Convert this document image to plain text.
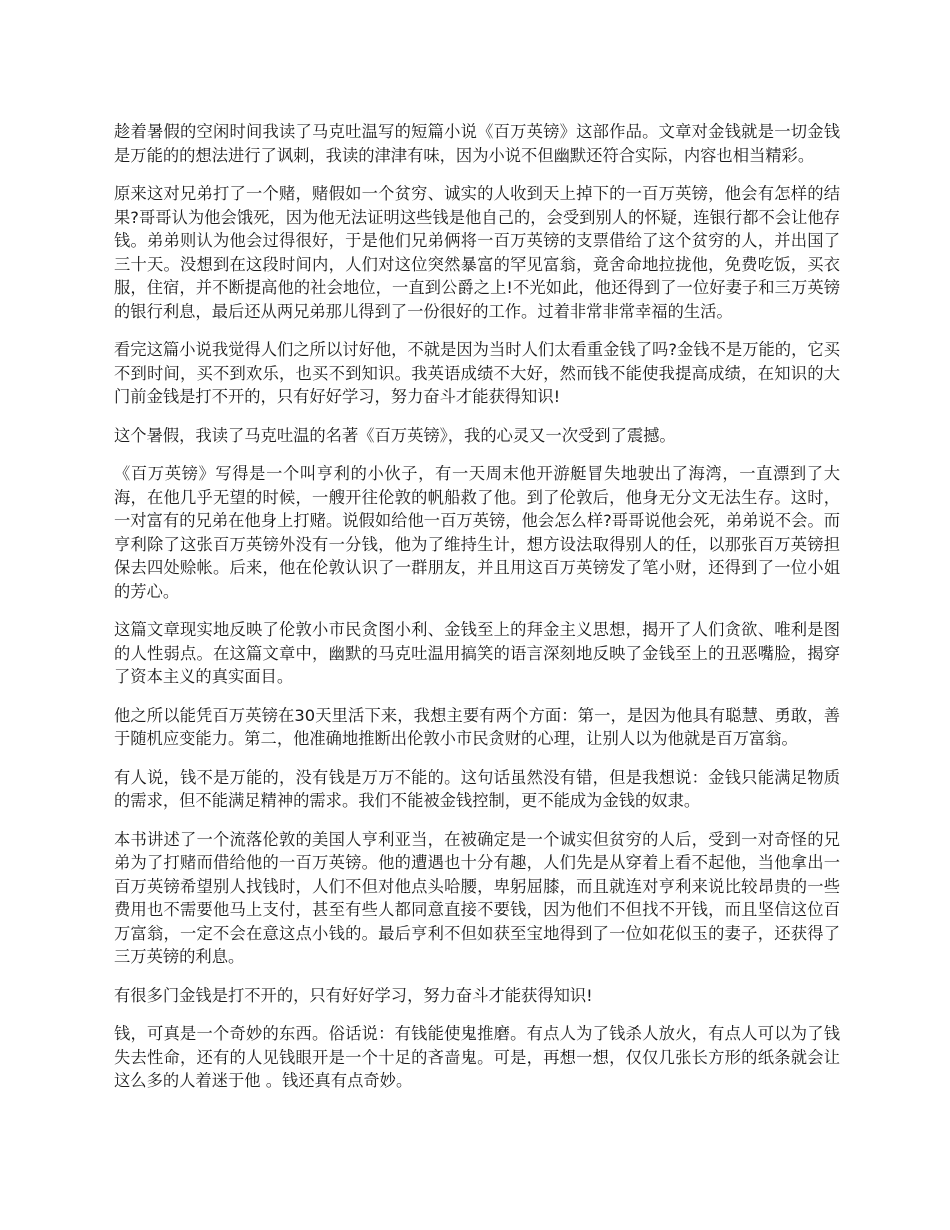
趁着暑假的空闲时间我读了马克吐温写的短篇小说《百万英镑》这部作品。文章对金钱就是一切金钱是万能的的想法进行了讽刺，我读的津津有味，因为小说不但幽默还符合实际，内容也相当精彩。

原来这对兄弟打了一个赌，赌假如一个贫穷、诚实的人收到天上掉下的一百万英镑，他会有怎样的结果?哥哥认为他会饿死，因为他无法证明这些钱是他自己的，会受到别人的怀疑，连银行都不会让他存钱。弟弟则认为他会过得很好，于是他们兄弟俩将一百万英镑的支票借给了这个贫穷的人，并出国了三十天。没想到在这段时间内，人们对这位突然暴富的罕见富翁，竟舍命地拉拢他，免费吃饭，买衣服，住宿，并不断提高他的社会地位，一直到公爵之上!不光如此，他还得到了一位好妻子和三万英镑的银行利息，最后还从两兄弟那儿得到了一份很好的工作。过着非常非常幸福的生活。

看完这篇小说我觉得人们之所以讨好他，不就是因为当时人们太看重金钱了吗?金钱不是万能的，它买不到时间，买不到欢乐，也买不到知识。我英语成绩不大好，然而钱不能使我提高成绩，在知识的大门前金钱是打不开的，只有好好学习，努力奋斗才能获得知识!

这个暑假，我读了马克吐温的名著《百万英镑》，我的心灵又一次受到了震撼。

《百万英镑》写得是一个叫亨利的小伙子，有一天周末他开游艇冒失地驶出了海湾，一直漂到了大海，在他几乎无望的时候，一艘开往伦敦的帆船救了他。到了伦敦后，他身无分文无法生存。这时，一对富有的兄弟在他身上打赌。说假如给他一百万英镑，他会怎么样?哥哥说他会死，弟弟说不会。而亨利除了这张百万英镑外没有一分钱，他为了维持生计，想方设法取得别人的任，以那张百万英镑担保去四处赊帐。后来，他在伦敦认识了一群朋友，并且用这百万英镑发了笔小财，还得到了一位小姐的芳心。

这篇文章现实地反映了伦敦小市民贪图小利、金钱至上的拜金主义思想，揭开了人们贪欲、唯利是图的人性弱点。在这篇文章中，幽默的马克吐温用搞笑的语言深刻地反映了金钱至上的丑恶嘴脸，揭穿了资本主义的真实面目。

他之所以能凭百万英镑在30天里活下来，我想主要有两个方面：第一，是因为他具有聪慧、勇敢，善于随机应变能力。第二，他准确地推断出伦敦小市民贪财的心理，让别人以为他就是百万富翁。

有人说，钱不是万能的，没有钱是万万不能的。这句话虽然没有错，但是我想说：金钱只能满足物质的需求，但不能满足精神的需求。我们不能被金钱控制，更不能成为金钱的奴隶。

本书讲述了一个流落伦敦的美国人亨利亚当，在被确定是一个诚实但贫穷的人后，受到一对奇怪的兄弟为了打赌而借给他的一百万英镑。他的遭遇也十分有趣，人们先是从穿着上看不起他，当他拿出一百万英镑希望别人找钱时，人们不但对他点头哈腰，卑躬屈膝，而且就连对亨利来说比较昂贵的一些费用也不需要他马上支付，甚至有些人都同意直接不要钱，因为他们不但找不开钱，而且坚信这位百万富翁，一定不会在意这点小钱的。最后亨利不但如获至宝地得到了一位如花似玉的妻子，还获得了三万英镑的利息。

有很多门金钱是打不开的，只有好好学习，努力奋斗才能获得知识!

钱，可真是一个奇妙的东西。俗话说：有钱能使鬼推磨。有点人为了钱杀人放火，有点人可以为了钱失去性命，还有的人见钱眼开是一个十足的吝啬鬼。可是，再想一想，仅仅几张长方形的纸条就会让这么多的人着迷于他 。钱还真有点奇妙。
